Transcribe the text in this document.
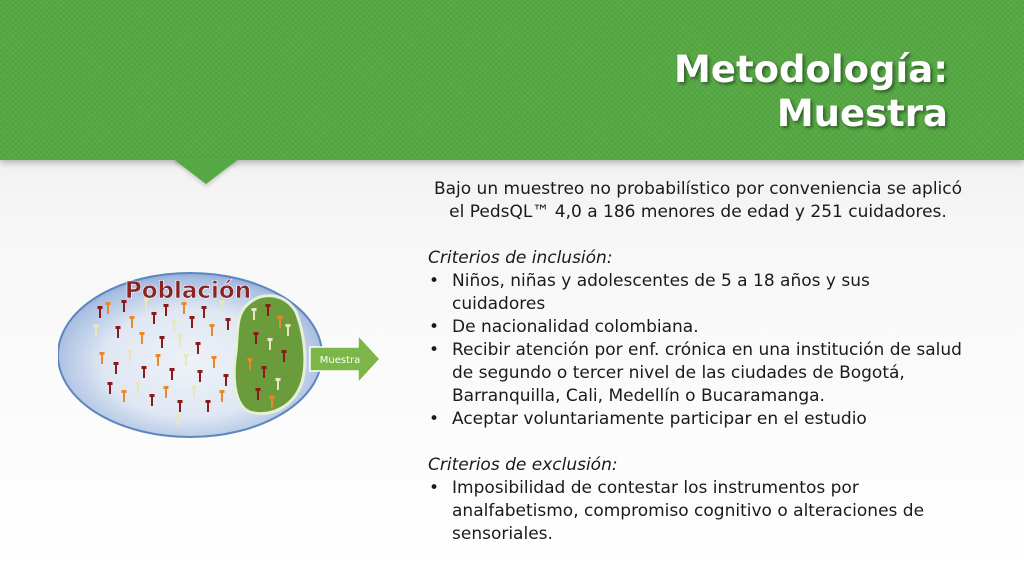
Metodología:
Muestra
Población
Muestra

Bajo un muestreo no probabilístico por conveniencia se aplicó el PedsQL™ 4,0 a 186 menores de edad y 251 cuidadores.

Criterios de inclusión:

• Niños, niñas y adolescentes de 5 a 18 años y sus cuidadores
• De nacionalidad colombiana.
• Recibir atención por enf. crónica en una institución de salud de segundo o tercer nivel de las ciudades de Bogotá, Barranquilla, Cali, Medellín o Bucaramanga.
• Aceptar voluntariamente participar en el estudio

Criterios de exclusión:

• Imposibilidad de contestar los instrumentos por analfabetismo, compromiso cognitivo o alteraciones de sensoriales.
